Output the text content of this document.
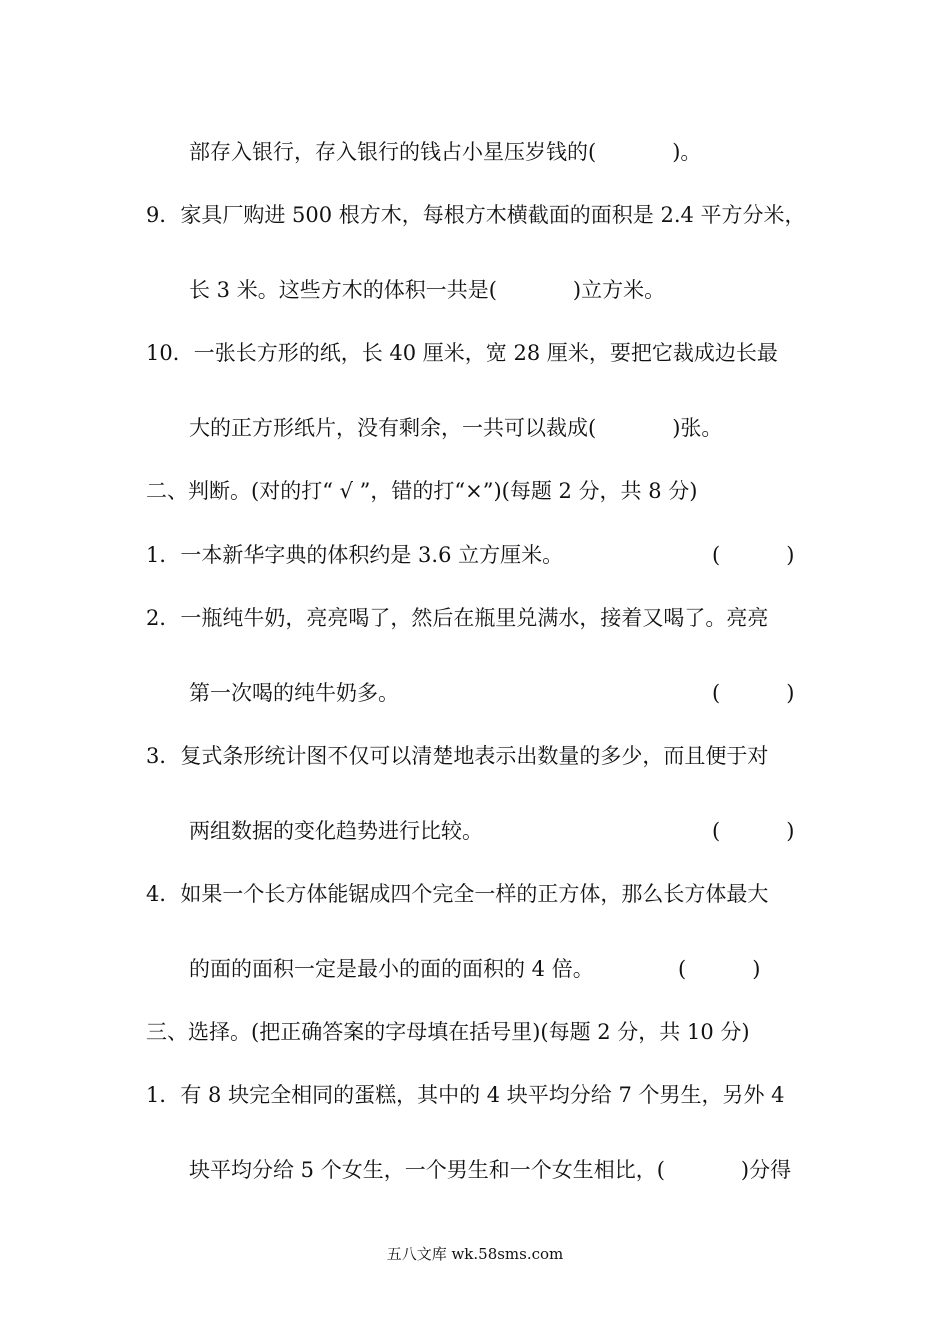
部存入银行，存入银行的钱占小星压岁钱的(	)。
9．家具厂购进 500 根方木，每根方木横截面的面积是 2.4 平方分米，
长 3 米。这些方木的体积一共是(	)立方米。
10．一张长方形的纸，长 40 厘米，宽 28 厘米，要把它裁成边长最
大的正方形纸片，没有剩余，一共可以裁成(	)张。
二、判断。(对的打“ √ ”，错的打“×”)(每题 2 分，共 8 分)
1．一本新华字典的体积约是 3.6 立方厘米。	(	)
2．一瓶纯牛奶，亮亮喝了，然后在瓶里兑满水，接着又喝了。亮亮
第一次喝的纯牛奶多。	(	)
3．复式条形统计图不仅可以清楚地表示出数量的多少，而且便于对
两组数据的变化趋势进行比较。	(	)
4．如果一个长方体能锯成四个完全一样的正方体，那么长方体最大
的面的面积一定是最小的面的面积的 4 倍。	(	)
三、选择。(把正确答案的字母填在括号里)(每题 2 分，共 10 分)
1．有 8 块完全相同的蛋糕，其中的 4 块平均分给 7 个男生，另外 4
块平均分给 5 个女生，一个男生和一个女生相比，(	)分得
五八文库 wk.58sms.com
